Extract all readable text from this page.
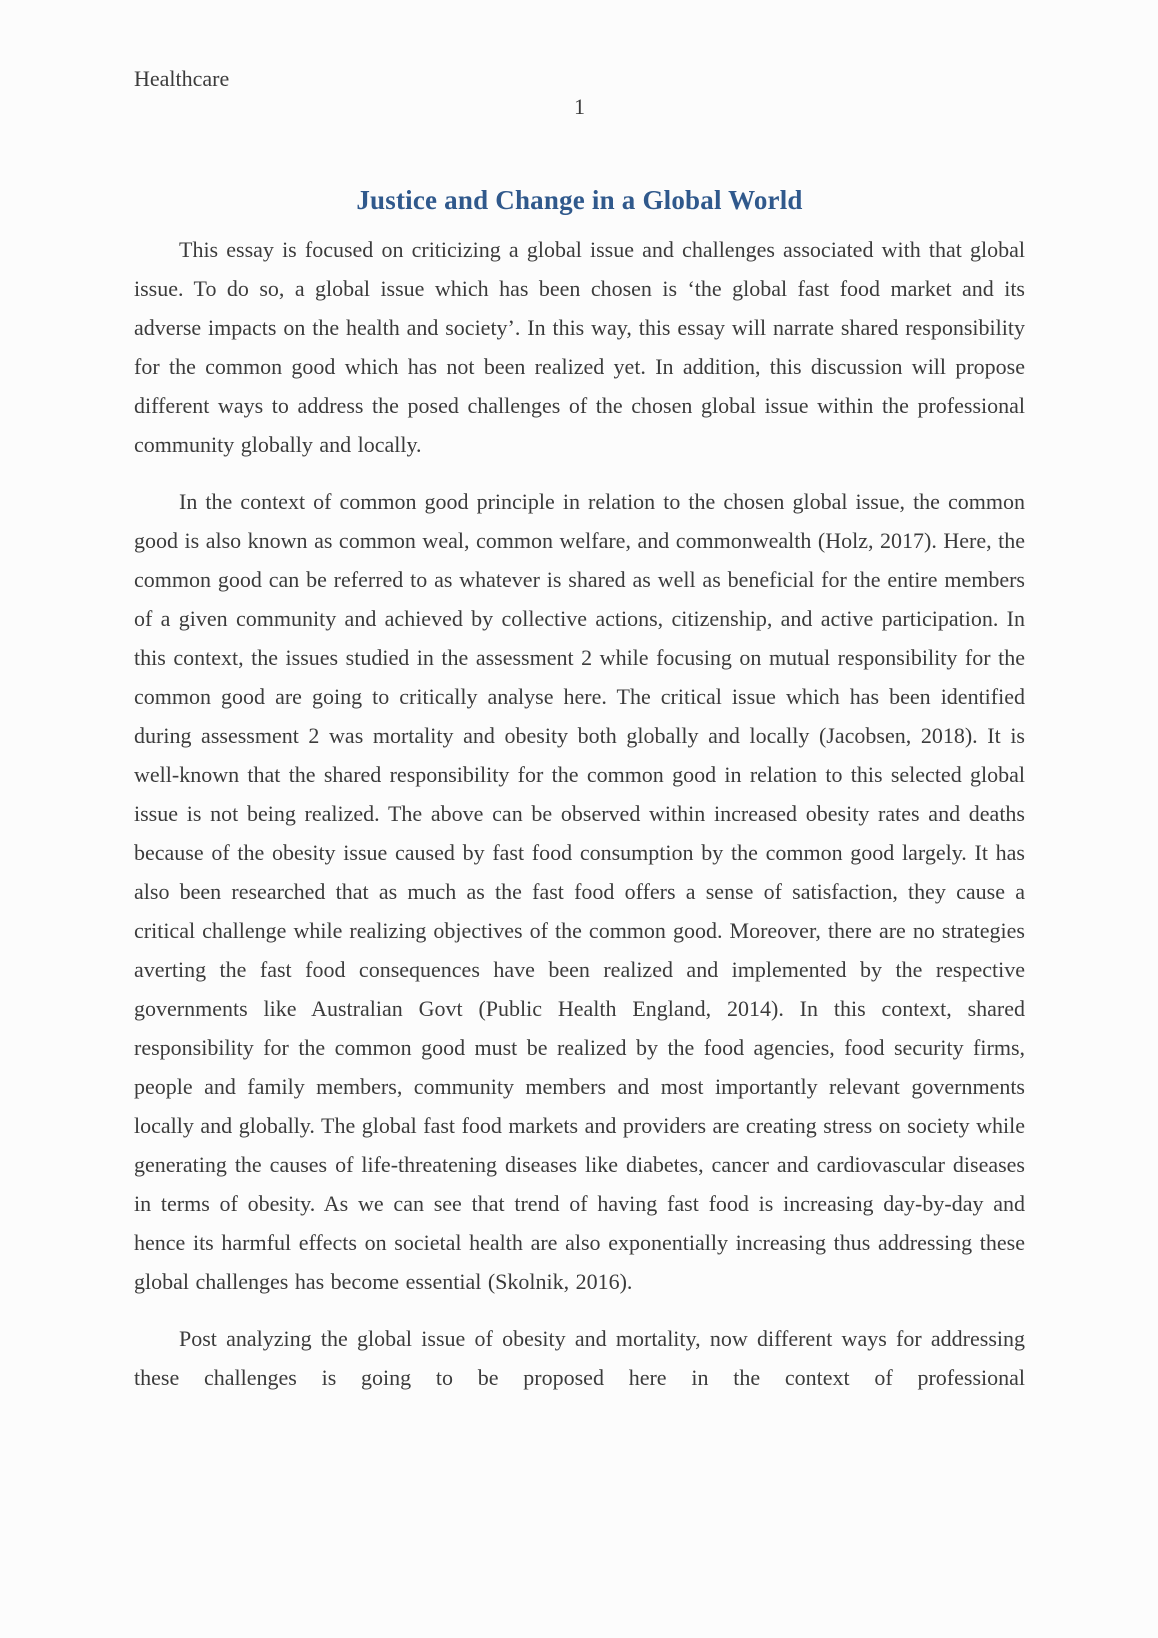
Healthcare
1
Justice and Change in a Global World

This essay is focused on criticizing a global issue and challenges associated with that global issue. To do so, a global issue which has been chosen is ‘the global fast food market and its adverse impacts on the health and society’. In this way, this essay will narrate shared responsibility for the common good which has not been realized yet. In addition, this discussion will propose different ways to address the posed challenges of the chosen global issue within the professional community globally and locally.

In the context of common good principle in relation to the chosen global issue, the common good is also known as common weal, common welfare, and commonwealth (Holz, 2017). Here, the common good can be referred to as whatever is shared as well as beneficial for the entire members of a given community and achieved by collective actions, citizenship, and active participation. In this context, the issues studied in the assessment 2 while focusing on mutual responsibility for the common good are going to critically analyse here. The critical issue which has been identified during assessment 2 was mortality and obesity both globally and locally (Jacobsen, 2018). It is well-known that the shared responsibility for the common good in relation to this selected global issue is not being realized. The above can be observed within increased obesity rates and deaths because of the obesity issue caused by fast food consumption by the common good largely. It has also been researched that as much as the fast food offers a sense of satisfaction, they cause a critical challenge while realizing objectives of the common good. Moreover, there are no strategies averting the fast food consequences have been realized and implemented by the respective governments like Australian Govt (Public Health England, 2014). In this context, shared responsibility for the common good must be realized by the food agencies, food security firms, people and family members, community members and most importantly relevant governments locally and globally. The global fast food markets and providers are creating stress on society while generating the causes of life-threatening diseases like diabetes, cancer and cardiovascular diseases in terms of obesity. As we can see that trend of having fast food is increasing day-by-day and hence its harmful effects on societal health are also exponentially increasing thus addressing these global challenges has become essential (Skolnik, 2016).

Post analyzing the global issue of obesity and mortality, now different ways for addressing these challenges is going to be proposed here in the context of professional
